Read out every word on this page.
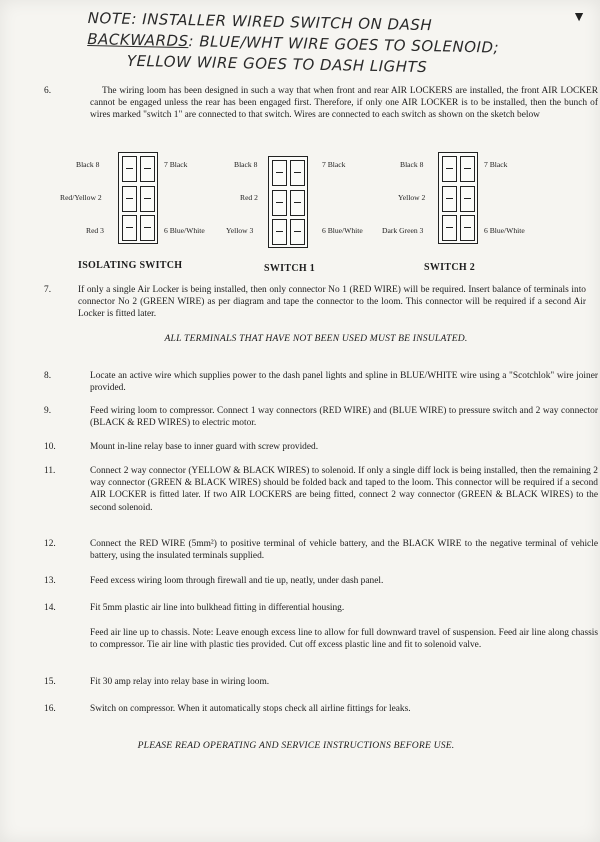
▼
NOTE: INSTALLER WIRED SWITCH ON DASH
BACKWARDS: BLUE/WHT WIRE GOES TO SOLENOID;
YELLOW WIRE GOES TO DASH LIGHTS
6.	The wiring loom has been designed in such a way that when front and rear AIR LOCKERS are installed, the front AIR LOCKER cannot be engaged unless the rear has been engaged first. Therefore, if only one AIR LOCKER is to be installed, then the bunch of wires marked "switch 1" are connected to that switch. Wires are connected to each switch as shown on the sketch below
Black 8
Red/Yellow 2
Red 3
7 Black
6 Blue/White
ISOLATING SWITCH
Black 8
Red 2
Yellow 3
7 Black
6 Blue/White
SWITCH 1
Black 8
Yellow 2
Dark Green 3
7 Black
6 Blue/White
SWITCH 2
7.	If only a single Air Locker is being installed, then only connector No 1 (RED WIRE) will be required. Insert balance of terminals into connector No 2 (GREEN WIRE) as per diagram and tape the connector to the loom. This connector will be required if a second Air Locker is fitted later.
ALL TERMINALS THAT HAVE NOT BEEN USED MUST BE INSULATED.
8.	Locate an active wire which supplies power to the dash panel lights and spline in BLUE/WHITE wire using a "Scotchlok" wire joiner provided.
9.	Feed wiring loom to compressor. Connect 1 way connectors (RED WIRE) and (BLUE WIRE) to pressure switch and 2 way connector (BLACK & RED WIRES) to electric motor.
10.	Mount in-line relay base to inner guard with screw provided.
11.	Connect 2 way connector (YELLOW & BLACK WIRES) to solenoid. If only a single diff lock is being installed, then the remaining 2 way connector (GREEN & BLACK WIRES) should be folded back and taped to the loom. This connector will be required if a second AIR LOCKER is fitted later. If two AIR LOCKERS are being fitted, connect 2 way connector (GREEN & BLACK WIRES) to the second solenoid.
12.	Connect the RED WIRE (5mm²) to positive terminal of vehicle battery, and the BLACK WIRE to the negative terminal of vehicle battery, using the insulated terminals supplied.
13.	Feed excess wiring loom through firewall and tie up, neatly, under dash panel.
14.	Fit 5mm plastic air line into bulkhead fitting in differential housing.
Feed air line up to chassis. Note: Leave enough excess line to allow for full downward travel of suspension. Feed air line along chassis to compressor. Tie air line with plastic ties provided. Cut off excess plastic line and fit to solenoid valve.
15.	Fit 30 amp relay into relay base in wiring loom.
16.	Switch on compressor. When it automatically stops check all airline fittings for leaks.
PLEASE READ OPERATING AND SERVICE INSTRUCTIONS BEFORE USE.
